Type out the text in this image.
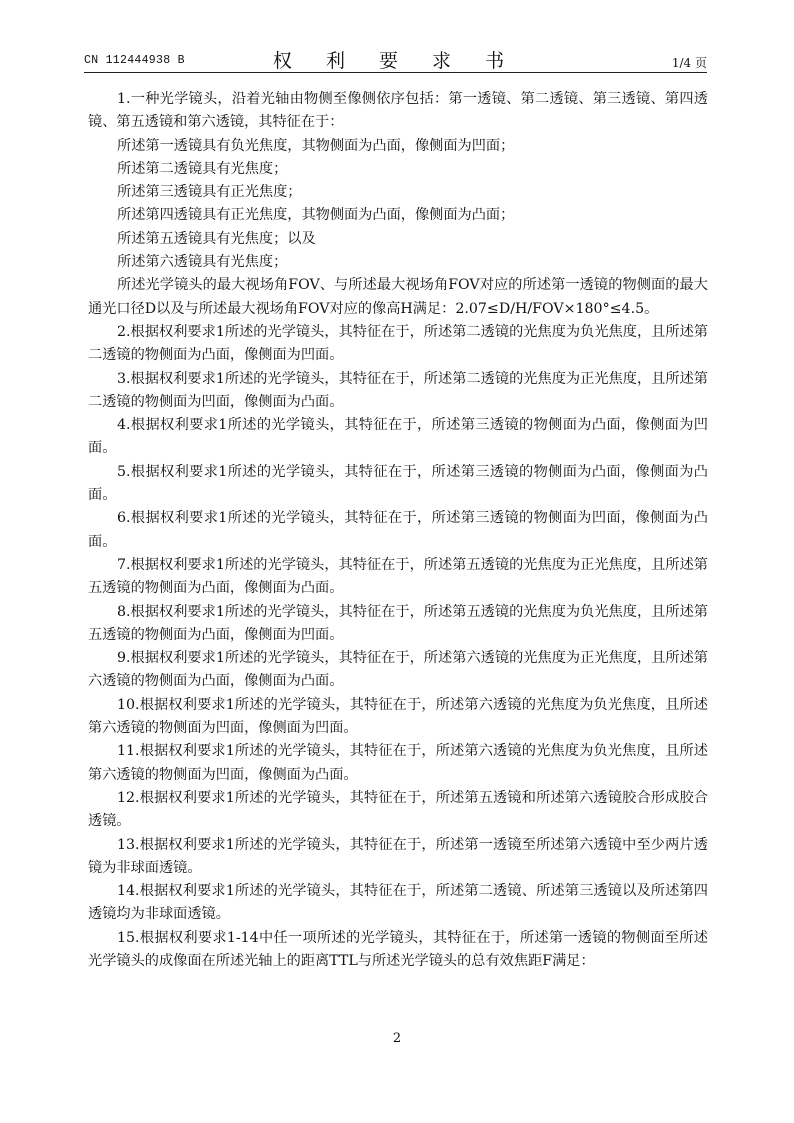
CN 112444938 B	权 利 要 求 书	1/4 页

1.一种光学镜头，沿着光轴由物侧至像侧依序包括：第一透镜、第二透镜、第三透镜、第四透镜、第五透镜和第六透镜，其特征在于：

所述第一透镜具有负光焦度，其物侧面为凸面，像侧面为凹面；

所述第二透镜具有光焦度；

所述第三透镜具有正光焦度；

所述第四透镜具有正光焦度，其物侧面为凸面，像侧面为凸面；

所述第五透镜具有光焦度；以及

所述第六透镜具有光焦度；

所述光学镜头的最大视场角FOV、与所述最大视场角FOV对应的所述第一透镜的物侧面的最大通光口径D以及与所述最大视场角FOV对应的像高H满足：2.07≤D/H/FOV×180°≤4.5。

2.根据权利要求1所述的光学镜头，其特征在于，所述第二透镜的光焦度为负光焦度，且所述第二透镜的物侧面为凸面，像侧面为凹面。

3.根据权利要求1所述的光学镜头，其特征在于，所述第二透镜的光焦度为正光焦度，且所述第二透镜的物侧面为凹面，像侧面为凸面。

4.根据权利要求1所述的光学镜头，其特征在于，所述第三透镜的物侧面为凸面，像侧面为凹面。

5.根据权利要求1所述的光学镜头，其特征在于，所述第三透镜的物侧面为凸面，像侧面为凸面。

6.根据权利要求1所述的光学镜头，其特征在于，所述第三透镜的物侧面为凹面，像侧面为凸面。

7.根据权利要求1所述的光学镜头，其特征在于，所述第五透镜的光焦度为正光焦度，且所述第五透镜的物侧面为凸面，像侧面为凸面。

8.根据权利要求1所述的光学镜头，其特征在于，所述第五透镜的光焦度为负光焦度，且所述第五透镜的物侧面为凸面，像侧面为凹面。

9.根据权利要求1所述的光学镜头，其特征在于，所述第六透镜的光焦度为正光焦度，且所述第六透镜的物侧面为凸面，像侧面为凸面。

10.根据权利要求1所述的光学镜头，其特征在于，所述第六透镜的光焦度为负光焦度，且所述第六透镜的物侧面为凹面，像侧面为凹面。

11.根据权利要求1所述的光学镜头，其特征在于，所述第六透镜的光焦度为负光焦度，且所述第六透镜的物侧面为凹面，像侧面为凸面。

12.根据权利要求1所述的光学镜头，其特征在于，所述第五透镜和所述第六透镜胶合形成胶合透镜。

13.根据权利要求1所述的光学镜头，其特征在于，所述第一透镜至所述第六透镜中至少两片透镜为非球面透镜。

14.根据权利要求1所述的光学镜头，其特征在于，所述第二透镜、所述第三透镜以及所述第四透镜均为非球面透镜。

15.根据权利要求1-14中任一项所述的光学镜头，其特征在于，所述第一透镜的物侧面至所述光学镜头的成像面在所述光轴上的距离TTL与所述光学镜头的总有效焦距F满足：

2
